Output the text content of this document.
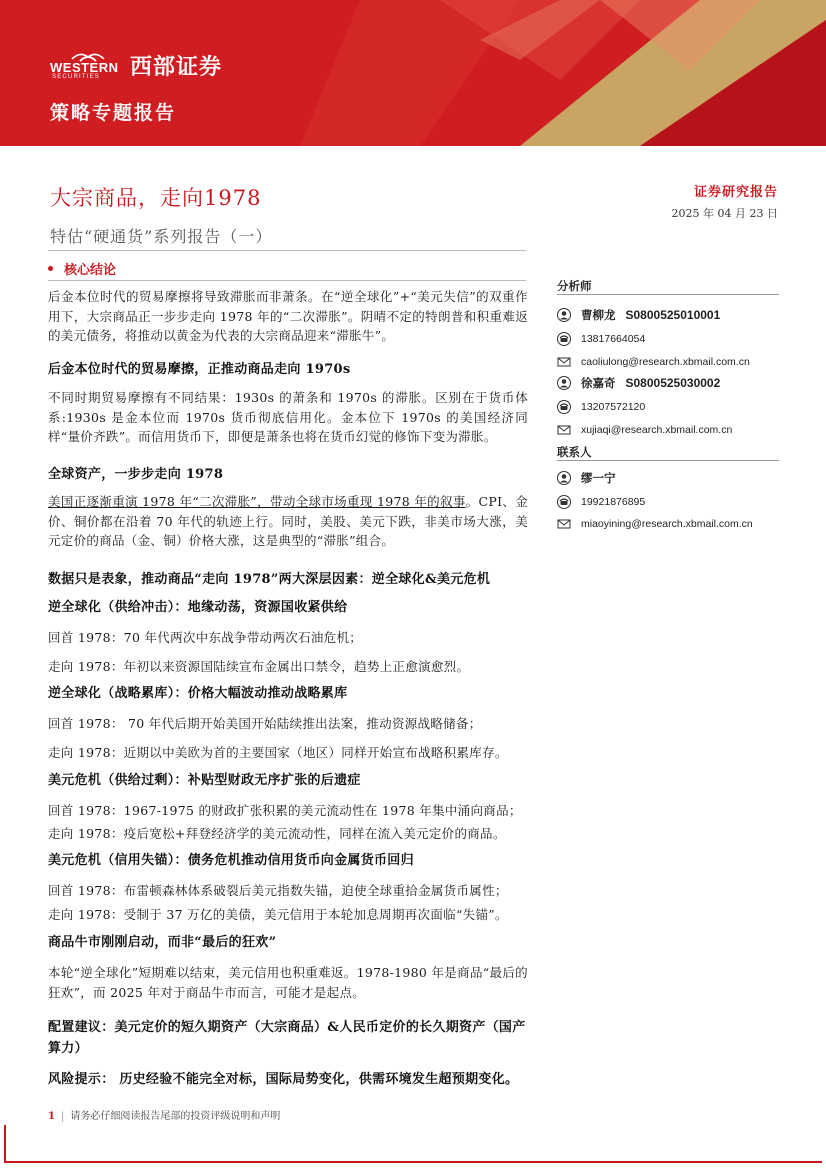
WESTERN
SECURITIES 西部证券
策略专题报告
大宗商品，走向1978
特估“硬通货”系列报告（一）
证券研究报告
2025 年 04 月 23 日
核心结论
后金本位时代的贸易摩擦将导致滞胀而非萧条。在“逆全球化”+“美元失信”的双重作用下，大宗商品正一步步走向 1978 年的“二次滞胀”。阴晴不定的特朗普和积重难返的美元债务，将推动以黄金为代表的大宗商品迎来“滞胀牛”。
后金本位时代的贸易摩擦，正推动商品走向 1970s
不同时期贸易摩擦有不同结果：1930s 的萧条和 1970s 的滞胀。区别在于货币体系:1930s 是金本位而 1970s 货币彻底信用化。金本位下 1970s 的美国经济同样“量价齐跌”。而信用货币下，即便是萧条也将在货币幻觉的修饰下变为滞胀。
全球资产，一步步走向 1978
美国正逐渐重演 1978 年“二次滞胀”，带动全球市场重现 1978 年的叙事。CPI、金价、铜价都在沿着 70 年代的轨迹上行。同时，美股、美元下跌，非美市场大涨，美元定价的商品（金、铜）价格大涨，这是典型的“滞胀”组合。
数据只是表象，推动商品“走向 1978”两大深层因素：逆全球化&美元危机
逆全球化（供给冲击）：地缘动荡，资源国收紧供给
回首 1978：70 年代两次中东战争带动两次石油危机；
走向 1978：年初以来资源国陆续宣布金属出口禁令，趋势上正愈演愈烈。
逆全球化（战略累库）：价格大幅波动推动战略累库
回首 1978： 70 年代后期开始美国开始陆续推出法案，推动资源战略储备；
走向 1978：近期以中美欧为首的主要国家（地区）同样开始宣布战略积累库存。
美元危机（供给过剩）：补贴型财政无序扩张的后遗症
回首 1978：1967-1975 的财政扩张积累的美元流动性在 1978 年集中涌向商品；
走向 1978：疫后宽松+拜登经济学的美元流动性，同样在流入美元定价的商品。
美元危机（信用失锚）：债务危机推动信用货币向金属货币回归
回首 1978：布雷顿森林体系破裂后美元指数失锚，迫使全球重拾金属货币属性；
走向 1978：受制于 37 万亿的美债，美元信用于本轮加息周期再次面临“失锚”。
商品牛市刚刚启动，而非“最后的狂欢”
本轮“逆全球化”短期难以结束，美元信用也积重难返。1978-1980 年是商品“最后的狂欢”，而 2025 年对于商品牛市而言，可能才是起点。
配置建议：美元定价的短久期资产（大宗商品）&人民币定价的长久期资产（国产算力）
风险提示： 历史经验不能完全对标，国际局势变化，供需环境发生超预期变化。
分析师
曹柳龙 S0800525010001
13817664054
caoliulong@research.xbmail.com.cn
徐嘉奇 S0800525030002
13207572120
xujiaqi@research.xbmail.com.cn
联系人
缪一宁
19921876895
miaoyining@research.xbmail.com.cn
1 | 请务必仔细阅读报告尾部的投资评级说明和声明
